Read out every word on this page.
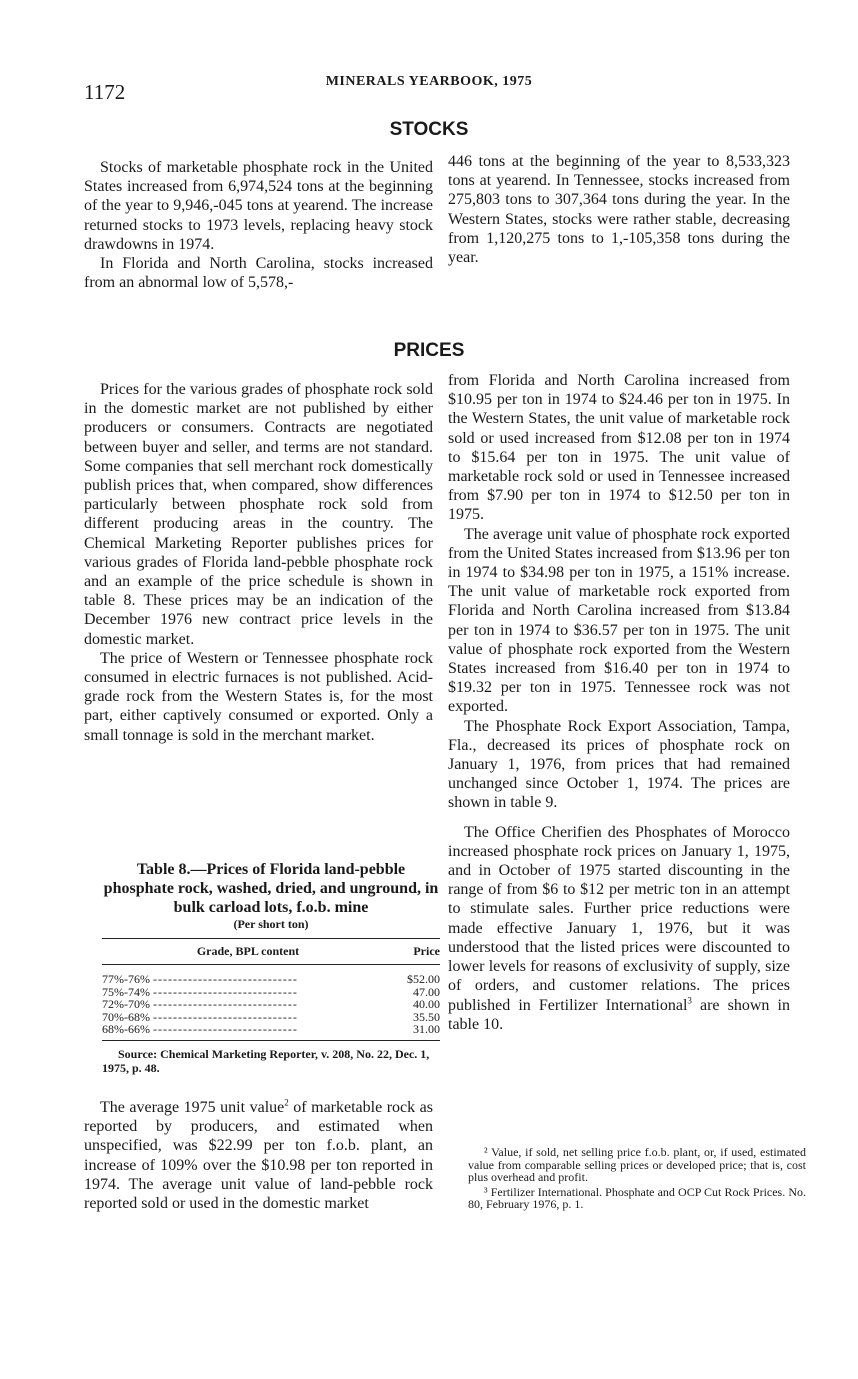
1172	MINERALS YEARBOOK, 1975
STOCKS

Stocks of marketable phosphate rock in the United States increased from 6,974,524 tons at the beginning of the year to 9,946,-045 tons at yearend. The increase returned stocks to 1973 levels, replacing heavy stock drawdowns in 1974.

In Florida and North Carolina, stocks increased from an abnormal low of 5,578,-

446 tons at the beginning of the year to 8,533,323 tons at yearend. In Tennessee, stocks increased from 275,803 tons to 307,364 tons during the year. In the Western States, stocks were rather stable, decreasing from 1,120,275 tons to 1,-105,358 tons during the year.

PRICES

Prices for the various grades of phosphate rock sold in the domestic market are not published by either producers or consumers. Contracts are negotiated between buyer and seller, and terms are not standard. Some companies that sell merchant rock domestically publish prices that, when compared, show differences particularly between phosphate rock sold from different producing areas in the country. The Chemical Marketing Reporter publishes prices for various grades of Florida land-pebble phosphate rock and an example of the price schedule is shown in table 8. These prices may be an indication of the December 1976 new contract price levels in the domestic market.

The price of Western or Tennessee phosphate rock consumed in electric furnaces is not published. Acid-grade rock from the Western States is, for the most part, either captively consumed or exported. Only a small tonnage is sold in the merchant market.

Table 8.—Prices of Florida land-pebble phosphate rock, washed, dried, and unground, in bulk carload lots, f.o.b. mine
(Per short ton)
Grade, BPL content	Price
77%-76% -----------------------------	$52.00
75%-74% -----------------------------	47.00
72%-70% -----------------------------	40.00
70%-68% -----------------------------	35.50
68%-66% -----------------------------	31.00
Source: Chemical Marketing Reporter, v. 208, No. 22, Dec. 1, 1975, p. 48.

The average 1975 unit value$^2$ of marketable rock as reported by producers, and estimated when unspecified, was $22.99 per ton f.o.b. plant, an increase of 109% over the $10.98 per ton reported in 1974. The average unit value of land-pebble rock reported sold or used in the domestic market

from Florida and North Carolina increased from $10.95 per ton in 1974 to $24.46 per ton in 1975. In the Western States, the unit value of marketable rock sold or used increased from $12.08 per ton in 1974 to $15.64 per ton in 1975. The unit value of marketable rock sold or used in Tennessee increased from $7.90 per ton in 1974 to $12.50 per ton in 1975.

The average unit value of phosphate rock exported from the United States increased from $13.96 per ton in 1974 to $34.98 per ton in 1975, a 151% increase. The unit value of marketable rock exported from Florida and North Carolina increased from $13.84 per ton in 1974 to $36.57 per ton in 1975. The unit value of phosphate rock exported from the Western States increased from $16.40 per ton in 1974 to $19.32 per ton in 1975. Tennessee rock was not exported.

The Phosphate Rock Export Association, Tampa, Fla., decreased its prices of phosphate rock on January 1, 1976, from prices that had remained unchanged since October 1, 1974. The prices are shown in table 9.

The Office Cherifien des Phosphates of Morocco increased phosphate rock prices on January 1, 1975, and in October of 1975 started discounting in the range of from $6 to $12 per metric ton in an attempt to stimulate sales. Further price reductions were made effective January 1, 1976, but it was understood that the listed prices were discounted to lower levels for reasons of exclusivity of supply, size of orders, and customer relations. The prices published in Fertilizer International$^3$ are shown in table 10.

² Value, if sold, net selling price f.o.b. plant, or, if used, estimated value from comparable selling prices or developed price; that is, cost plus overhead and profit.

³ Fertilizer International. Phosphate and OCP Cut Rock Prices. No. 80, February 1976, p. 1.
